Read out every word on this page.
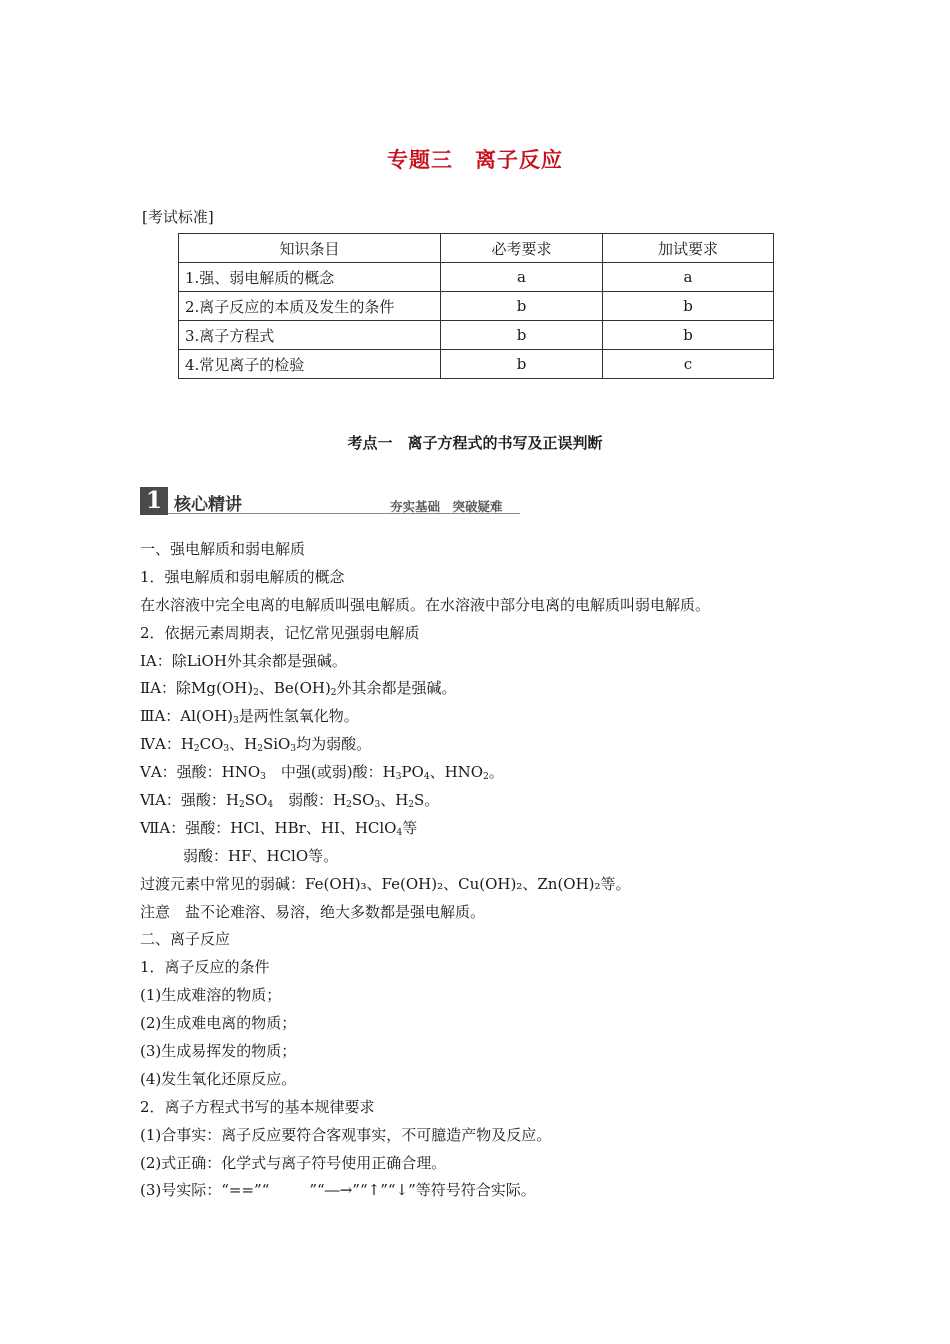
专题三　离子反应
[考试标准]
知识条目	必考要求	加试要求
1.强、弱电解质的概念	a	a
2.离子反应的本质及发生的条件	b	b
3.离子方程式	b	b
4.常见离子的检验	b	c
考点一　离子方程式的书写及正误判断
1 核心精讲	夯实基础　突破疑难
一、强电解质和弱电解质
1．强电解质和弱电解质的概念
在水溶液中完全电离的电解质叫强电解质。在水溶液中部分电离的电解质叫弱电解质。
2．依据元素周期表，记忆常见强弱电解质
ⅠA：除LiOH外其余都是强碱。
ⅡA：除$Mg(OH)_2$、$Be(OH)_2$外其余都是强碱。
ⅢA：$Al(OH)_3$是两性氢氧化物。
ⅣA：$H_2CO_3$、$H_2SiO_3$均为弱酸。
ⅤA：强酸：$HNO_3$　中强(或弱)酸：$H_3PO_4$、$HNO_2$。
ⅥA：强酸：$H_2SO_4$　弱酸：$H_2SO_3$、$H_2S$。
ⅦA：强酸：HCl、HBr、HI、HClO$_4$等
弱酸：HF、HClO等。
过渡元素中常见的弱碱：Fe(OH)₃、Fe(OH)₂、Cu(OH)₂、Zn(OH)₂等。
注意　盐不论难溶、易溶，绝大多数都是强电解质。
二、离子反应
1．离子反应的条件
(1)生成难溶的物质；
(2)生成难电离的物质；
(3)生成易挥发的物质；
(4)发生氧化还原反应。
2．离子方程式书写的基本规律要求
(1)合事实：离子反应要符合客观事实，不可臆造产物及反应。
(2)式正确：化学式与离子符号使用正确合理。
(3)号实际：“==”“	”“―→”“↑”“↓”等符号符合实际。
